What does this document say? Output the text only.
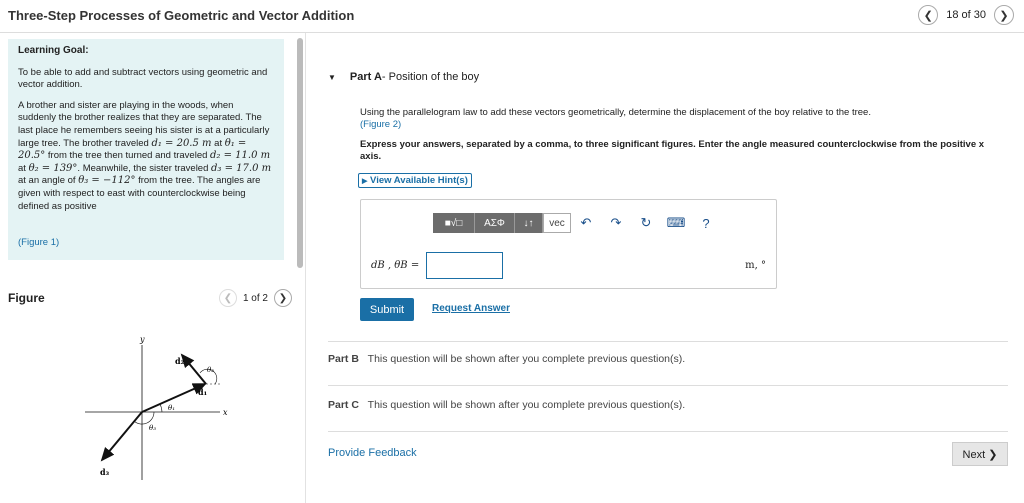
Three-Step Processes of Geometric and Vector Addition	❮	18 of 30	❯
Learning Goal:
To be able to add and subtract vectors using geometric and vector addition.
A brother and sister are playing in the woods, when suddenly the brother realizes that they are separated. The last place he remembers seeing his sister is at a particularly large tree. The brother traveled d₁ = 20.5 m at θ₁ = 20.5° from the tree then turned and traveled d₂ = 11.0 m at θ₂ = 139°. Meanwhile, the sister traveled d₃ = 17.0 m at an angle of θ₃ = −112° from the tree. The angles are given with respect to east with counterclockwise being defined as positive
(Figure 1)
Figure	❮	1 of 2	❯
y
x
d₁
d₂
d₃
θ₁
θ₂
θ₃
▼ Part A - Position of the boy
Using the parallelogram law to add these vectors geometrically, determine the displacement of the boy relative to the tree.
(Figure 2)
Express your answers, separated by a comma, to three significant figures. Enter the angle measured counterclockwise from the positive x axis.
▶ View Available Hint(s)
■√□	ΑΣΦ	↓↑	vec	↶	↷	↻	⌨	?
dB , θB =	m, °
Submit	Request Answer
Part B This question will be shown after you complete previous question(s).
Part C This question will be shown after you complete previous question(s).
Provide Feedback	Next ❯
